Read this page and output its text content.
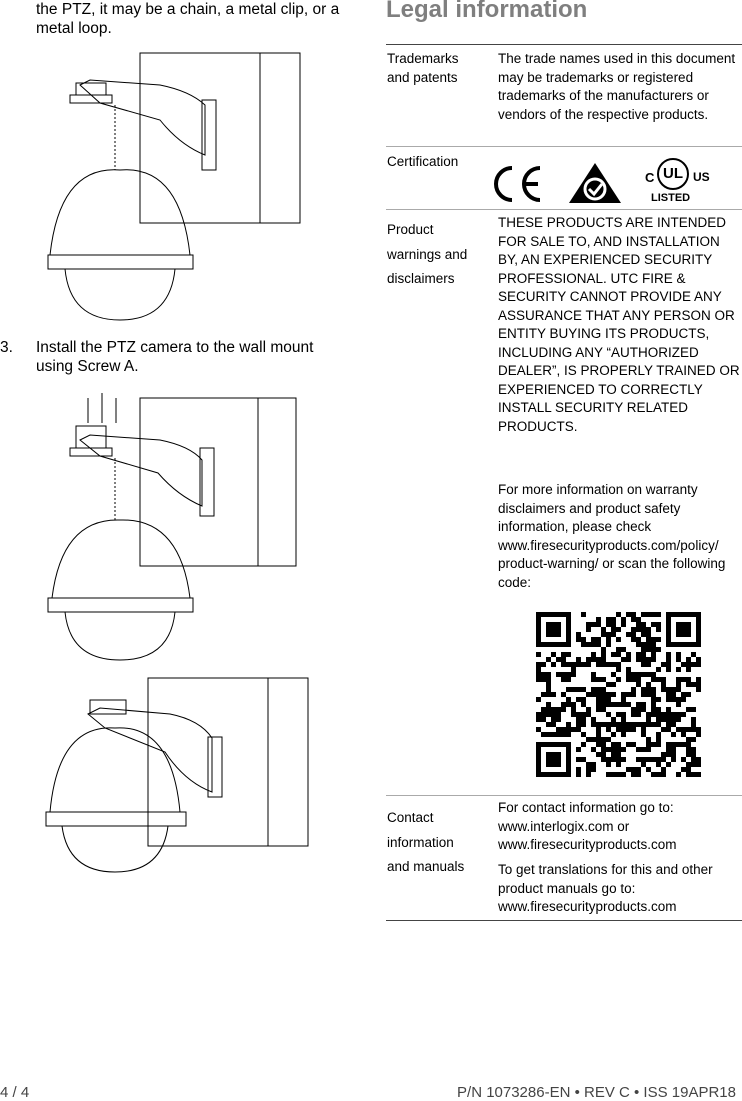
the PTZ, it may be a chain, a metal clip, or a metal loop.
3. Install the PTZ camera to the wall mount using Screw A.
Legal information
Trademarks and patents
The trade names used in this document may be trademarks or registered trademarks of the manufacturers or vendors of the respective products.
Certification
C UL US
LISTED
Product warnings and disclaimers
THESE PRODUCTS ARE INTENDED FOR SALE TO, AND INSTALLATION BY, AN EXPERIENCED SECURITY PROFESSIONAL. UTC FIRE & SECURITY CANNOT PROVIDE ANY ASSURANCE THAT ANY PERSON OR ENTITY BUYING ITS PRODUCTS, INCLUDING ANY “AUTHORIZED DEALER”, IS PROPERLY TRAINED OR EXPERIENCED TO CORRECTLY INSTALL SECURITY RELATED PRODUCTS.
For more information on warranty disclaimers and product safety information, please check www.firesecurityproducts.com/policy/ product-warning/ or scan the following code:
Contact information and manuals
For contact information go to: www.interlogix.com or www.firesecurityproducts.com
To get translations for this and other product manuals go to: www.firesecurityproducts.com
4 / 4	P/N 1073286-EN • REV C • ISS 19APR18
